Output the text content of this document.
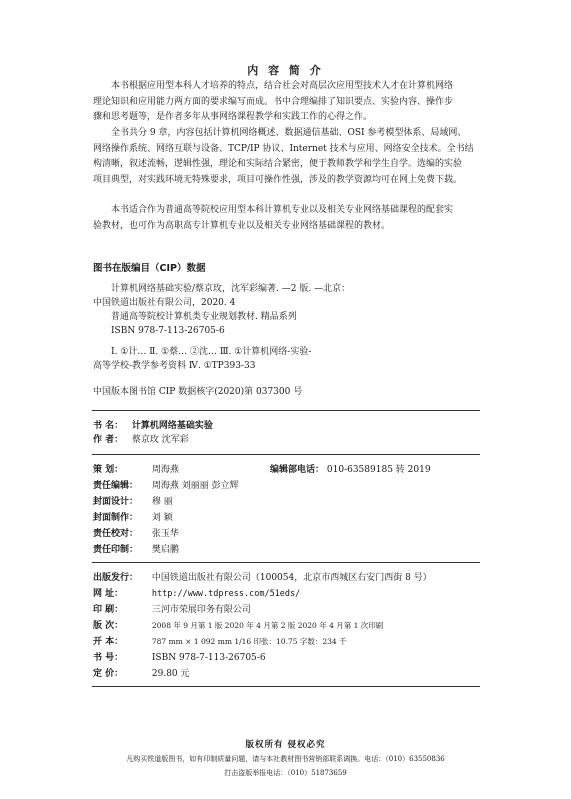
内 容 简 介

本书根据应用型本科人才培养的特点，结合社会对高层次应用型技术人才在计算机网络
理论知识和应用能力两方面的要求编写而成。书中合理编排了知识要点、实验内容、操作步
骤和思考题等，是作者多年从事网络课程教学和实践工作的心得之作。

全书共分 9 章，内容包括计算机网络概述、数据通信基础、OSI 参考模型体系、局域网、
网络操作系统、网络互联与设备、TCP/IP 协议、Internet 技术与应用、网络安全技术。全书结
构清晰，叙述流畅，逻辑性强，理论和实际结合紧密，便于教师教学和学生自学。选编的实验
项目典型，对实践环境无特殊要求，项目可操作性强，涉及的教学资源均可在网上免费下载。

本书适合作为普通高等院校应用型本科计算机专业以及相关专业网络基础课程的配套实
验教材，也可作为高职高专计算机专业以及相关专业网络基础课程的教材。

图书在版编目（CIP）数据
计算机网络基础实验/蔡京玫，沈军彩编著. —2 版. —北京：
中国铁道出版社有限公司，2020. 4
普通高等院校计算机类专业规划教材. 精品系列
ISBN 978-7-113-26705-6
Ⅰ. ①计… Ⅱ. ①蔡… ②沈… Ⅲ. ①计算机网络-实验-
高等学校-教学参考资料 Ⅳ. ①TP393-33
中国版本图书馆 CIP 数据核字(2020)第 037300 号
书 名： 计算机网络基础实验
作 者： 蔡京玫 沈军彩
策 划：	周海燕	编辑部电话： 010-63589185 转 2019
责任编辑： 周海燕 刘丽丽 彭立辉
封面设计： 穆 丽
封面制作： 刘 颖
责任校对： 张玉华
责任印制： 樊启鹏
出版发行： 中国铁道出版社有限公司（100054，北京市西城区右安门西街 8 号）
网 址：	http://www.tdpress.com/51eds/
印 刷：	三河市荣展印务有限公司
版 次：	2008 年 9 月第 1 版 2020 年 4 月第 2 版 2020 年 4 月第 1 次印刷
开 本：	787 mm × 1 092 mm 1/16 印张：10.75 字数：234 千
书 号：	ISBN 978-7-113-26705-6
定 价：	29.80 元
版权所有 侵权必究
凡购买铁道版图书，如有印制质量问题，请与本社教材图书营销部联系调换。电话：（010）63550836
打击盗版举报电话：（010）51873659
